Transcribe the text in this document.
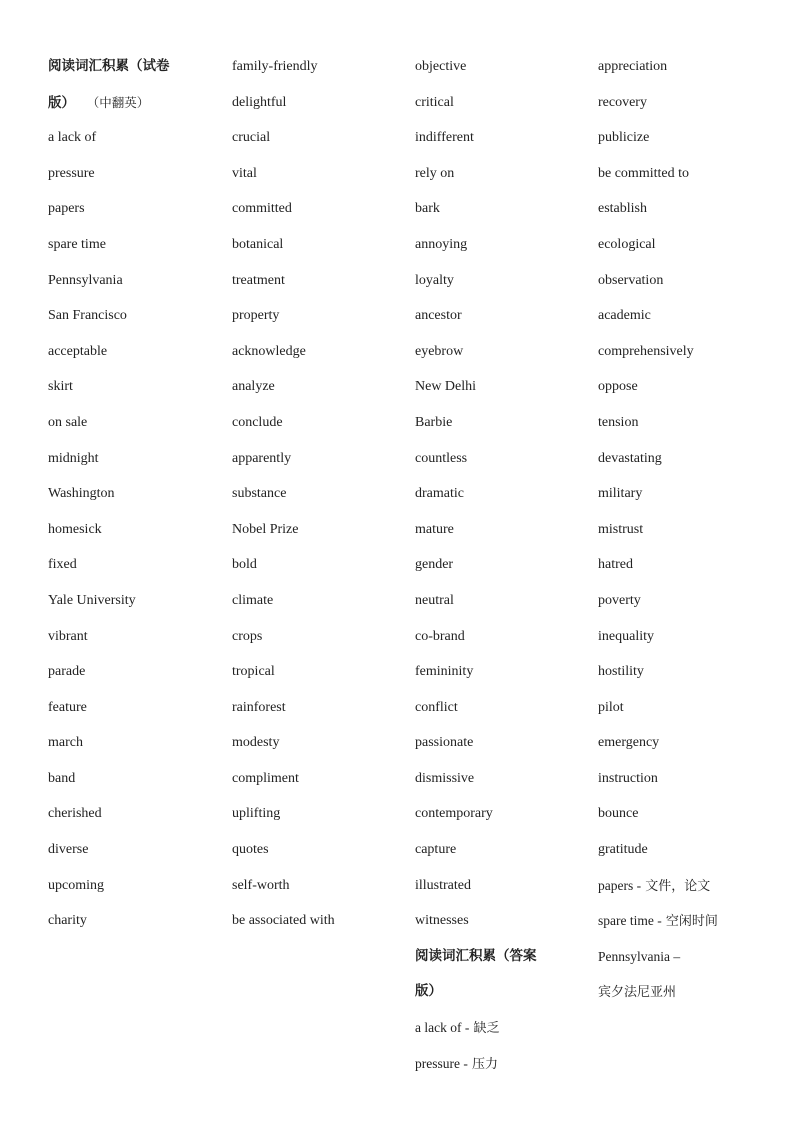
阅读词汇积累（试卷
版） （中翻英）
a lack of
pressure
papers
spare time
Pennsylvania
San Francisco
acceptable
skirt
on sale
midnight
Washington
homesick
fixed
Yale University
vibrant
parade
feature
march
band
cherished
diverse
upcoming
charity
family-friendly
delightful
crucial
vital
committed
botanical
treatment
property
acknowledge
analyze
conclude
apparently
substance
Nobel Prize
bold
climate
crops
tropical
rainforest
modesty
compliment
uplifting
quotes
self-worth
be associated with
objective
critical
indifferent
rely on
bark
annoying
loyalty
ancestor
eyebrow
New Delhi
Barbie
countless
dramatic
mature
gender
neutral
co-brand
femininity
conflict
passionate
dismissive
contemporary
capture
illustrated
witnesses
阅读词汇积累（答案
版）
a lack of - 缺乏
pressure - 压力
appreciation
recovery
publicize
be committed to
establish
ecological
observation
academic
comprehensively
oppose
tension
devastating
military
mistrust
hatred
poverty
inequality
hostility
pilot
emergency
instruction
bounce
gratitude
papers - 文件，论文
spare time - 空闲时间
Pennsylvania –
宾夕法尼亚州
